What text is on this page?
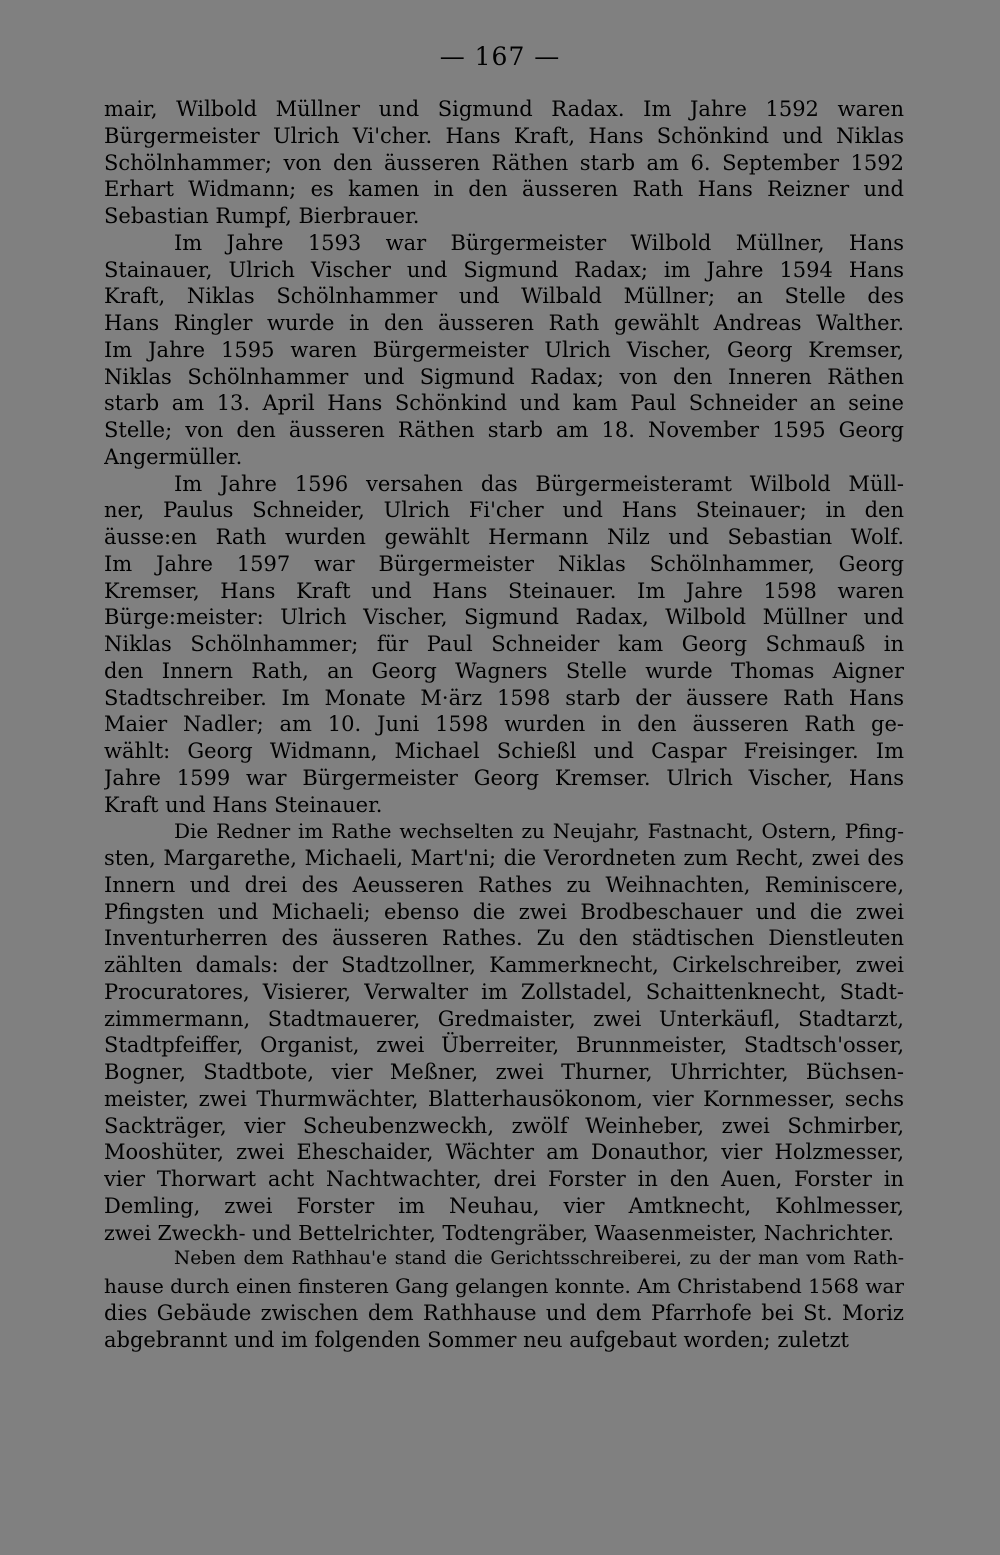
— 167 —
mair, Wilbold Müllner und Sigmund Radax. Im Jahre 1592 waren
Bürgermeister Ulrich Vi'cher. Hans Kraft, Hans Schönkind und Niklas
Schölnhammer; von den äusseren Räthen starb am 6. September 1592
Erhart Widmann; es kamen in den äusseren Rath Hans Reizner und
Sebastian Rumpf, Bierbrauer.
Im Jahre 1593 war Bürgermeister Wilbold Müllner, Hans
Stainauer, Ulrich Vischer und Sigmund Radax; im Jahre 1594 Hans
Kraft, Niklas Schölnhammer und Wilbald Müllner; an Stelle des
Hans Ringler wurde in den äusseren Rath gewählt Andreas Walther.
Im Jahre 1595 waren Bürgermeister Ulrich Vischer, Georg Kremser,
Niklas Schölnhammer und Sigmund Radax; von den Inneren Räthen
starb am 13. April Hans Schönkind und kam Paul Schneider an seine
Stelle; von den äusseren Räthen starb am 18. November 1595 Georg
Angermüller.
Im Jahre 1596 versahen das Bürgermeisteramt Wilbold Müll-
ner, Paulus Schneider, Ulrich Fi'cher und Hans Steinauer; in den
äusse:en Rath wurden gewählt Hermann Nilz und Sebastian Wolf.
Im Jahre 1597 war Bürgermeister Niklas Schölnhammer, Georg
Kremser, Hans Kraft und Hans Steinauer. Im Jahre 1598 waren
Bürge:meister: Ulrich Vischer, Sigmund Radax, Wilbold Müllner und
Niklas Schölnhammer; für Paul Schneider kam Georg Schmauß in
den Innern Rath, an Georg Wagners Stelle wurde Thomas Aigner
Stadtschreiber. Im Monate M·ärz 1598 starb der äussere Rath Hans
Maier Nadler; am 10. Juni 1598 wurden in den äusseren Rath ge-
wählt: Georg Widmann, Michael Schießl und Caspar Freisinger. Im
Jahre 1599 war Bürgermeister Georg Kremser. Ulrich Vischer, Hans
Kraft und Hans Steinauer.
Die Redner im Rathe wechselten zu Neujahr, Fastnacht, Ostern, Pfing-
sten, Margarethe, Michaeli, Mart'ni; die Verordneten zum Recht, zwei des
Innern und drei des Aeusseren Rathes zu Weihnachten, Reminiscere,
Pfingsten und Michaeli; ebenso die zwei Brodbeschauer und die zwei
Inventurherren des äusseren Rathes. Zu den städtischen Dienstleuten
zählten damals: der Stadtzollner, Kammerknecht, Cirkelschreiber, zwei
Procuratores, Visierer, Verwalter im Zollstadel, Schaittenknecht, Stadt-
zimmermann, Stadtmauerer, Gredmaister, zwei Unterkäufl, Stadtarzt,
Stadtpfeiffer, Organist, zwei Überreiter, Brunnmeister, Stadtsch'osser,
Bogner, Stadtbote, vier Meßner, zwei Thurner, Uhrrichter, Büchsen-
meister, zwei Thurmwächter, Blatterhausökonom, vier Kornmesser, sechs
Sackträger, vier Scheubenzweckh, zwölf Weinheber, zwei Schmirber,
Mooshüter, zwei Eheschaider, Wächter am Donauthor, vier Holzmesser,
vier Thorwart acht Nachtwachter, drei Forster in den Auen, Forster in
Demling, zwei Forster im Neuhau, vier Amtknecht, Kohlmesser,
zwei Zweckh- und Bettelrichter, Todtengräber, Waasenmeister, Nachrichter.
Neben dem Rathhau'e stand die Gerichtsschreiberei, zu der man vom Rath-
hause durch einen finsteren Gang gelangen konnte. Am Christabend 1568 war
dies Gebäude zwischen dem Rathhause und dem Pfarrhofe bei St. Moriz
abgebrannt und im folgenden Sommer neu aufgebaut worden; zuletzt
